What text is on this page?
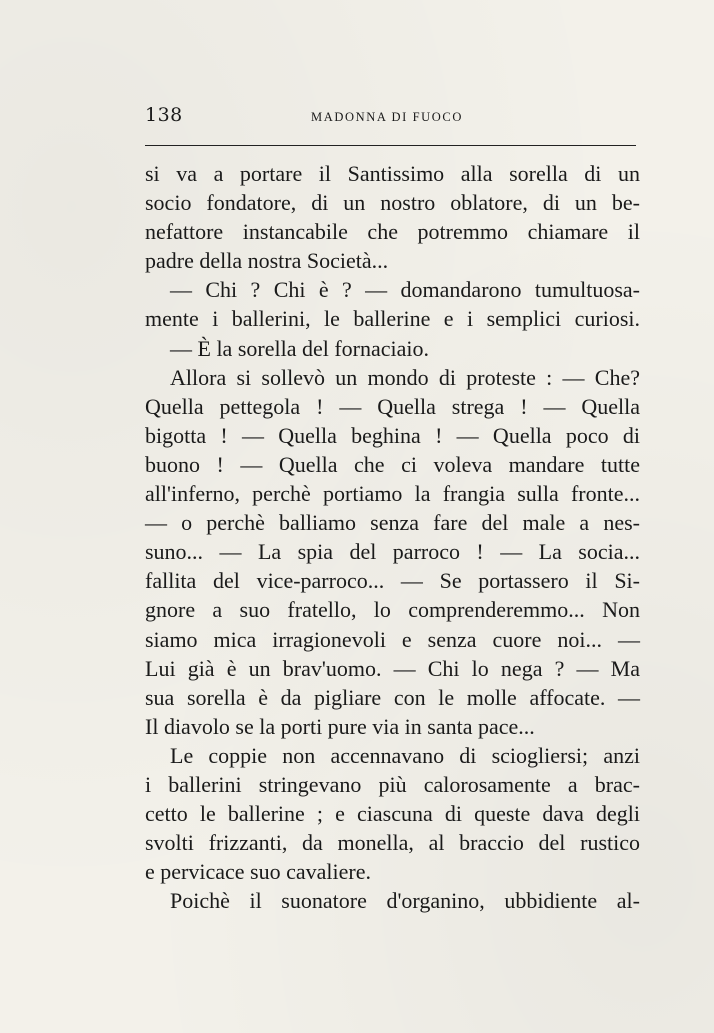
138	MADONNA DI FUOCO
si va a portare il Santissimo alla sorella di un
socio fondatore, di un nostro oblatore, di un be-
nefattore instancabile che potremmo chiamare il
padre della nostra Società...
— Chi ? Chi è ? — domandarono tumultuosa-
mente i ballerini, le ballerine e i semplici curiosi.
— È la sorella del fornaciaio.
Allora si sollevò un mondo di proteste : — Che?
Quella pettegola ! — Quella strega ! — Quella
bigotta ! — Quella beghina ! — Quella poco di
buono ! — Quella che ci voleva mandare tutte
all'inferno, perchè portiamo la frangia sulla fronte...
— o perchè balliamo senza fare del male a nes-
suno... — La spia del parroco ! — La socia...
fallita del vice-parroco... — Se portassero il Si-
gnore a suo fratello, lo comprenderemmo... Non
siamo mica irragionevoli e senza cuore noi... —
Lui già è un brav'uomo. — Chi lo nega ? — Ma
sua sorella è da pigliare con le molle affocate. —
Il diavolo se la porti pure via in santa pace...
Le coppie non accennavano di sciogliersi; anzi
i ballerini stringevano più calorosamente a brac-
cetto le ballerine ; e ciascuna di queste dava degli
svolti frizzanti, da monella, al braccio del rustico
e pervicace suo cavaliere.
Poichè il suonatore d'organino, ubbidiente al-
